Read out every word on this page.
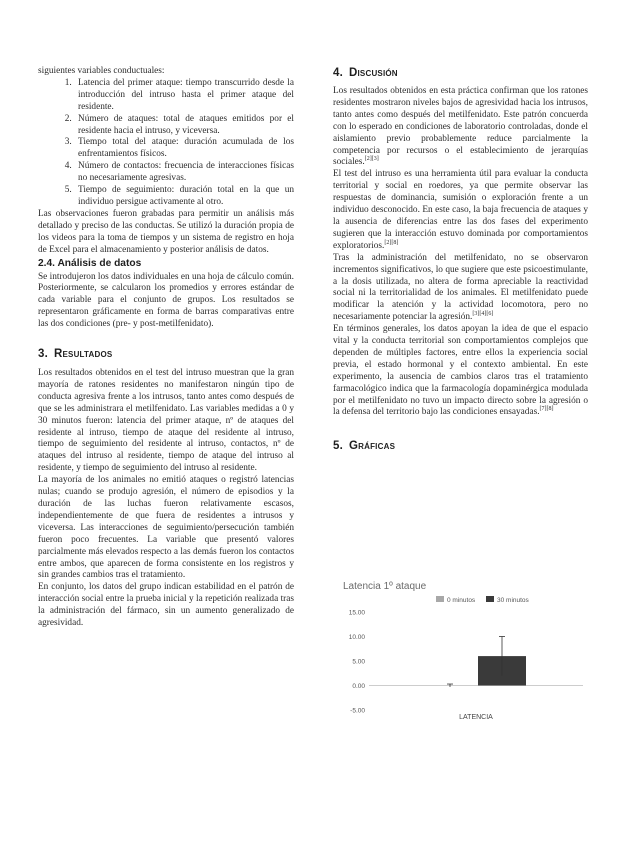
siguientes variables conductuales:

1. Latencia del primer ataque: tiempo transcurrido desde la introducción del intruso hasta el primer ataque del residente.
2. Número de ataques: total de ataques emitidos por el residente hacia el intruso, y viceversa.
3. Tiempo total del ataque: duración acumulada de los enfrentamientos físicos.
4. Número de contactos: frecuencia de interacciones físicas no necesariamente agresivas.
5. Tiempo de seguimiento: duración total en la que un individuo persigue activamente al otro.

Las observaciones fueron grabadas para permitir un análisis más detallado y preciso de las conductas. Se utilizó la duración propia de los videos para la toma de tiempos y un sistema de registro en hoja de Excel para el almacenamiento y posterior análisis de datos.

2.4. Análisis de datos

Se introdujeron los datos individuales en una hoja de cálculo común. Posteriormente, se calcularon los promedios y errores estándar de cada variable para el conjunto de grupos. Los resultados se representaron gráficamente en forma de barras comparativas entre las dos condiciones (pre- y post-metilfenidato).

3. Resultados

Los resultados obtenidos en el test del intruso muestran que la gran mayoría de ratones residentes no manifestaron ningún tipo de conducta agresiva frente a los intrusos, tanto antes como después de que se les administrara el metilfenidato. Las variables medidas a 0 y 30 minutos fueron: latencia del primer ataque, nº de ataques del residente al intruso, tiempo de ataque del residente al intruso, tiempo de seguimiento del residente al intruso, contactos, nº de ataques del intruso al residente, tiempo de ataque del intruso al residente, y tiempo de seguimiento del intruso al residente.

La mayoría de los animales no emitió ataques o registró latencias nulas; cuando se produjo agresión, el número de episodios y la duración de las luchas fueron relativamente escasos, independientemente de que fuera de residentes a intrusos y viceversa. Las interacciones de seguimiento/persecución también fueron poco frecuentes. La variable que presentó valores parcialmente más elevados respecto a las demás fueron los contactos entre ambos, que aparecen de forma consistente en los registros y sin grandes cambios tras el tratamiento.

En conjunto, los datos del grupo indican estabilidad en el patrón de interacción social entre la prueba inicial y la repetición realizada tras la administración del fármaco, sin un aumento generalizado de agresividad.

4. Discusión

Los resultados obtenidos en esta práctica confirman que los ratones residentes mostraron niveles bajos de agresividad hacia los intrusos, tanto antes como después del metilfenidato. Este patrón concuerda con lo esperado en condiciones de laboratorio controladas, donde el aislamiento previo probablemente reduce parcialmente la competencia por recursos o el establecimiento de jerarquías sociales.[2][3]

El test del intruso es una herramienta útil para evaluar la conducta territorial y social en roedores, ya que permite observar las respuestas de dominancia, sumisión o exploración frente a un individuo desconocido. En este caso, la baja frecuencia de ataques y la ausencia de diferencias entre las dos fases del experimento sugieren que la interacción estuvo dominada por comportamientos exploratorios.[2][8]

Tras la administración del metilfenidato, no se observaron incrementos significativos, lo que sugiere que este psicoestimulante, a la dosis utilizada, no altera de forma apreciable la reactividad social ni la territorialidad de los animales. El metilfenidato puede modificar la atención y la actividad locomotora, pero no necesariamente potenciar la agresión.[3][4][6]

En términos generales, los datos apoyan la idea de que el espacio vital y la conducta territorial son comportamientos complejos que dependen de múltiples factores, entre ellos la experiencia social previa, el estado hormonal y el contexto ambiental. En este experimento, la ausencia de cambios claros tras el tratamiento farmacológico indica que la farmacología dopaminérgica modulada por el metilfenidato no tuvo un impacto directo sobre la agresión o la defensa del territorio bajo las condiciones ensayadas.[7][8]

5. Gráficas
Latencia 1º ataque
0 minutos	30 minutos
15.00
10.00
5.00
0.00
-5.00
LATENCIA
